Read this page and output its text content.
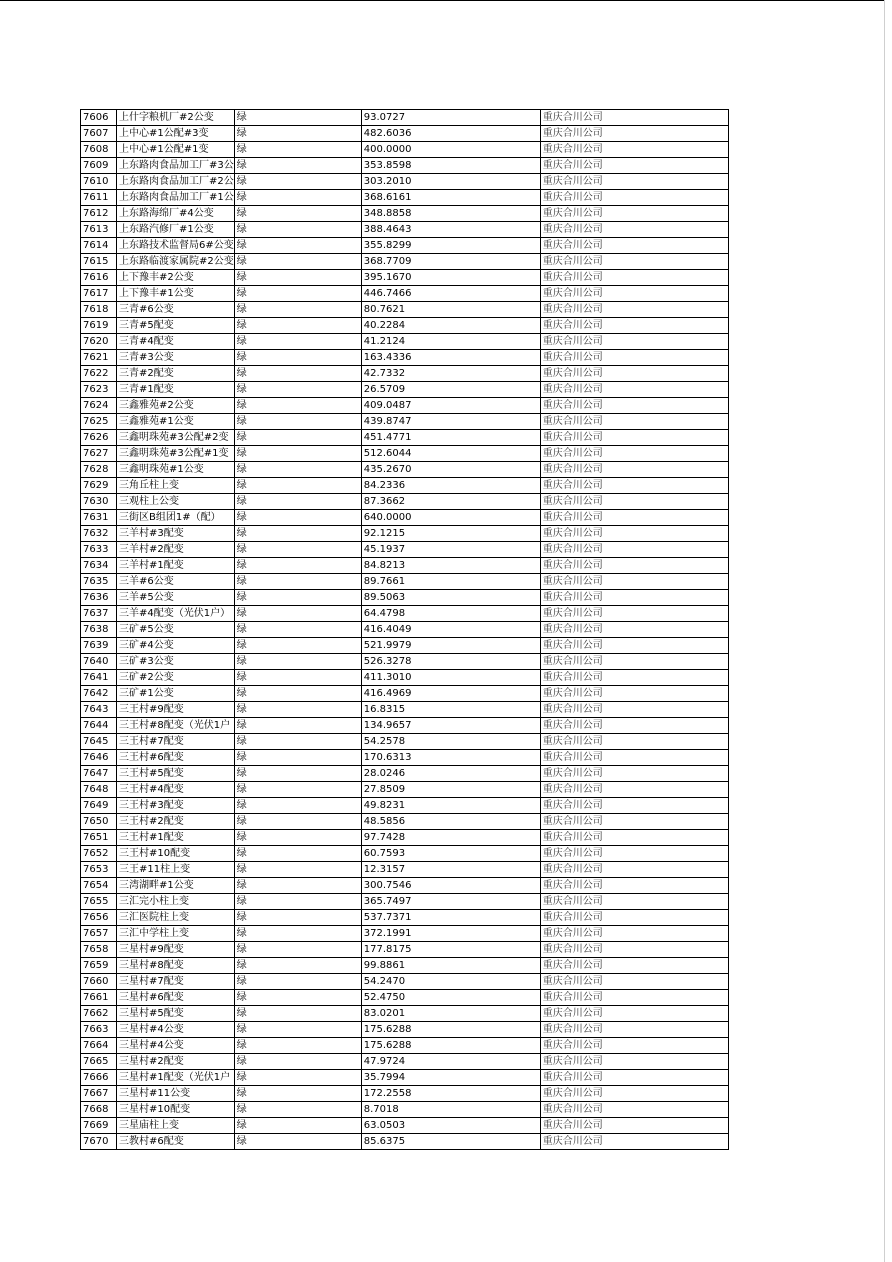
7606	上什字粮机厂#2公变	绿	93.0727	重庆合川公司
7607	上中心#1公配#3变	绿	482.6036	重庆合川公司
7608	上中心#1公配#1变	绿	400.0000	重庆合川公司
7609	上东路肉食品加工厂#3公	绿	353.8598	重庆合川公司
7610	上东路肉食品加工厂#2公	绿	303.2010	重庆合川公司
7611	上东路肉食品加工厂#1公	绿	368.6161	重庆合川公司
7612	上东路海绵厂#4公变	绿	348.8858	重庆合川公司
7613	上东路汽修厂#1公变	绿	388.4643	重庆合川公司
7614	上东路技术监督局6#公变	绿	355.8299	重庆合川公司
7615	上东路临渡家属院#2公变	绿	368.7709	重庆合川公司
7616	上下豫丰#2公变	绿	395.1670	重庆合川公司
7617	上下豫丰#1公变	绿	446.7466	重庆合川公司
7618	三青#6公变	绿	80.7621	重庆合川公司
7619	三青#5配变	绿	40.2284	重庆合川公司
7620	三青#4配变	绿	41.2124	重庆合川公司
7621	三青#3公变	绿	163.4336	重庆合川公司
7622	三青#2配变	绿	42.7332	重庆合川公司
7623	三青#1配变	绿	26.5709	重庆合川公司
7624	三鑫雅苑#2公变	绿	409.0487	重庆合川公司
7625	三鑫雅苑#1公变	绿	439.8747	重庆合川公司
7626	三鑫明珠苑#3公配#2变	绿	451.4771	重庆合川公司
7627	三鑫明珠苑#3公配#1变	绿	512.6044	重庆合川公司
7628	三鑫明珠苑#1公变	绿	435.2670	重庆合川公司
7629	三角丘柱上变	绿	84.2336	重庆合川公司
7630	三观柱上公变	绿	87.3662	重庆合川公司
7631	三街区B组团1#（配）	绿	640.0000	重庆合川公司
7632	三羊村#3配变	绿	92.1215	重庆合川公司
7633	三羊村#2配变	绿	45.1937	重庆合川公司
7634	三羊村#1配变	绿	84.8213	重庆合川公司
7635	三羊#6公变	绿	89.7661	重庆合川公司
7636	三羊#5公变	绿	89.5063	重庆合川公司
7637	三羊#4配变（光伏1户）	绿	64.4798	重庆合川公司
7638	三矿#5公变	绿	416.4049	重庆合川公司
7639	三矿#4公变	绿	521.9979	重庆合川公司
7640	三矿#3公变	绿	526.3278	重庆合川公司
7641	三矿#2公变	绿	411.3010	重庆合川公司
7642	三矿#1公变	绿	416.4969	重庆合川公司
7643	三王村#9配变	绿	16.8315	重庆合川公司
7644	三王村#8配变（光伏1户	绿	134.9657	重庆合川公司
7645	三王村#7配变	绿	54.2578	重庆合川公司
7646	三王村#6配变	绿	170.6313	重庆合川公司
7647	三王村#5配变	绿	28.0246	重庆合川公司
7648	三王村#4配变	绿	27.8509	重庆合川公司
7649	三王村#3配变	绿	49.8231	重庆合川公司
7650	三王村#2配变	绿	48.5856	重庆合川公司
7651	三王村#1配变	绿	97.7428	重庆合川公司
7652	三王村#10配变	绿	60.7593	重庆合川公司
7653	三王#11柱上变	绿	12.3157	重庆合川公司
7654	三湾湖畔#1公变	绿	300.7546	重庆合川公司
7655	三汇完小柱上变	绿	365.7497	重庆合川公司
7656	三汇医院柱上变	绿	537.7371	重庆合川公司
7657	三汇中学柱上变	绿	372.1991	重庆合川公司
7658	三星村#9配变	绿	177.8175	重庆合川公司
7659	三星村#8配变	绿	99.8861	重庆合川公司
7660	三星村#7配变	绿	54.2470	重庆合川公司
7661	三星村#6配变	绿	52.4750	重庆合川公司
7662	三星村#5配变	绿	83.0201	重庆合川公司
7663	三星村#4公变	绿	175.6288	重庆合川公司
7664	三星村#4公变	绿	175.6288	重庆合川公司
7665	三星村#2配变	绿	47.9724	重庆合川公司
7666	三星村#1配变（光伏1户	绿	35.7994	重庆合川公司
7667	三星村#11公变	绿	172.2558	重庆合川公司
7668	三星村#10配变	绿	8.7018	重庆合川公司
7669	三星庙柱上变	绿	63.0503	重庆合川公司
7670	三教村#6配变	绿	85.6375	重庆合川公司
